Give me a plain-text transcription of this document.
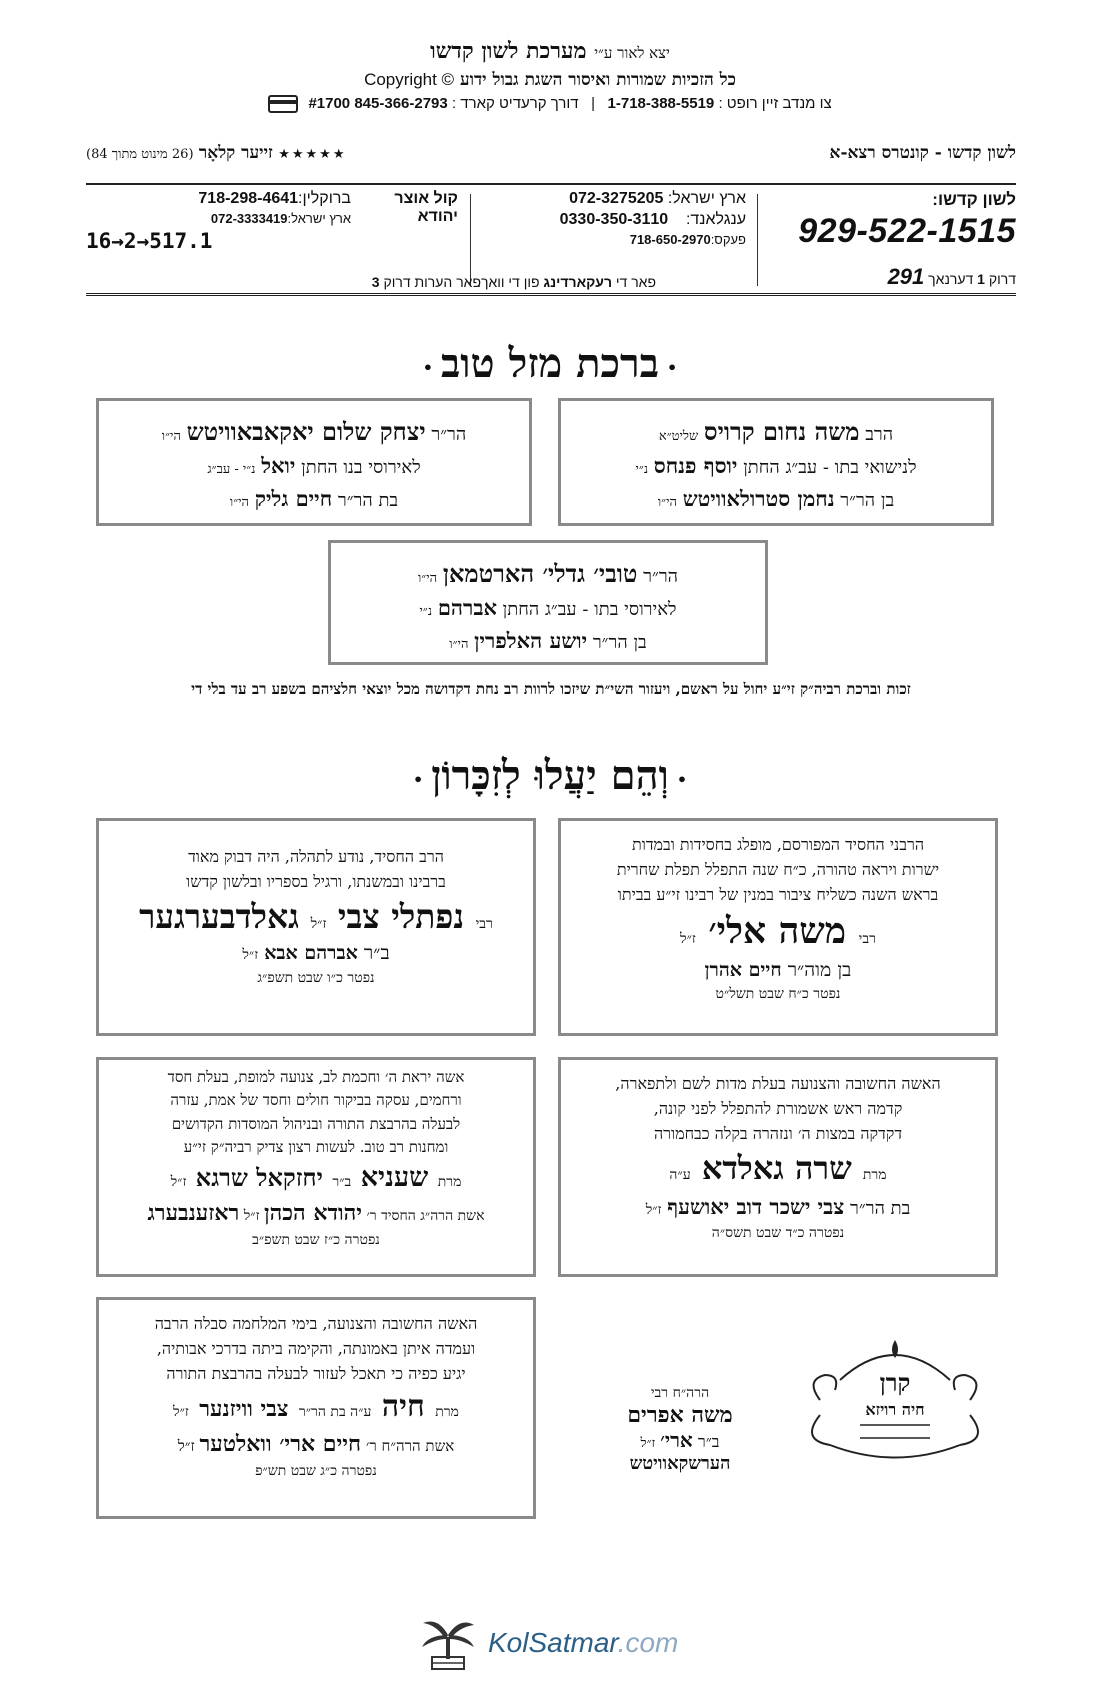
יצא לאור ע״י מערכת לשון קדשו
כל הזכיות שמורות ואיסור השגת גבול ידוע Copyright ©
צו מנדב זיין רופט : 1-718-388-5519   |   דורך קרעדיט קארד : 845-366-2793 #1700
לשון קדשו - קונטרס רצא-א
★★★★★ זייער קלאָר (26 מינוט מתוך 84)
לשון קדשו:
929-522-1515
ארץ ישראל: 072-3275205
ענגלאנד:    0330-350-3110
פעקס:718-650-2970
קול אוצר יהודא
ברוקלין:718-298-4641
ארץ ישראל:072-3333419
16→2→517.1
דרוק 1 דערנאך 291
פאר די רעקארדינג פון די וואך.
פאר הערות דרוק 3
•ברכת מזל טוב•
הרב משה נחום קרויס שליט״א
לנישואי בתו - עב״ג החתן יוסף פנחס נ״י
בן הר״ר נחמן סטרולאוויטש הי״ו
הר״ר יצחק שלום יאקאבאוויטש הי״ו
לאירוסי בנו החתן יואל נ״י - עב״ג
בת הר״ר חיים גליק הי״ו
הר״ר טובי׳ גדלי׳ הארטמאן הי״ו
לאירוסי בתו - עב״ג החתן אברהם נ״י
בן הר״ר יושע האלפרין הי״ו
זכות וברכת רביה״ק זי״ע יחול על ראשם, ויעזור השי״ת שיזכו לרוות רב נחת דקדושה מכל יוצאי חלציהם בשפע רב עד בלי די
•וְהֵם יַעֲלוּ לְזִכָּרוֹן•
הרבני החסיד המפורסם, מופלג בחסידות ובמדות
ישרות ויראה טהורה, כ״ח שנה התפלל תפלת שחרית
בראש השנה כשליח ציבור במנין של רבינו זי״ע בביתו
רבי משה אלי׳ ז״ל
בן מוה״ר חיים אהרן
נפטר כ״ח שבט תשל״ט
הרב החסיד, נודע לתהלה, היה דבוק מאוד
ברבינו ובמשנתו, ורגיל בספריו ובלשון קדשו
רבי נפתלי צבי ז״ל גאלדבערגער
ב״ר אברהם אבא ז״ל
נפטר כ״ו שבט תשפ״ג
האשה החשובה והצנועה בעלת מדות לשם ולתפארה,
קדמה ראש אשמורת להתפלל לפני קונה,
דקדקה במצות ה׳ ונזהרה בקלה כבחמורה
מרת שרה גאלדא ע״ה
בת הר״ר צבי ישכר דוב יאושעף ז״ל
נפטרה כ״ד שבט תשס״ה
אשה יראת ה׳ וחכמת לב, צנועה למופת, בעלת חסד
ורחמים, עסקה בביקור חולים וחסד של אמת, עזרה
לבעלה בהרבצת התורה ובניהול המוסדות הקדושים
ומחנות רב טוב. לעשות רצון צדיק רביה״ק זי״ע
מרת שעניא ב״ר יחזקאל שרגא ז״ל
אשת הרה״ג החסיד ר׳ יהודא הכהן ז״ל ראזענבערג
נפטרה כ״ז שבט תשפ״ב
האשה החשובה והצנועה, בימי המלחמה סבלה הרבה
ועמדה איתן באמונתה, והקימה ביתה בדרכי אבותיה,
יגיע כפיה כי תאכל לעזור לבעלה בהרבצת התורה
מרת חיה ע״ה בת הר״ר צבי וויזנער ז״ל
אשת הרה״ח ר׳ חיים ארי׳ וואלטער ז״ל
נפטרה כ״ג שבט תש״פ
הרה״ח רבי
משה אפרים
ב״ר ארי׳ ז״ל
הערשקאוויטש
קרן
חיה רויזא
KolSatmar.com
